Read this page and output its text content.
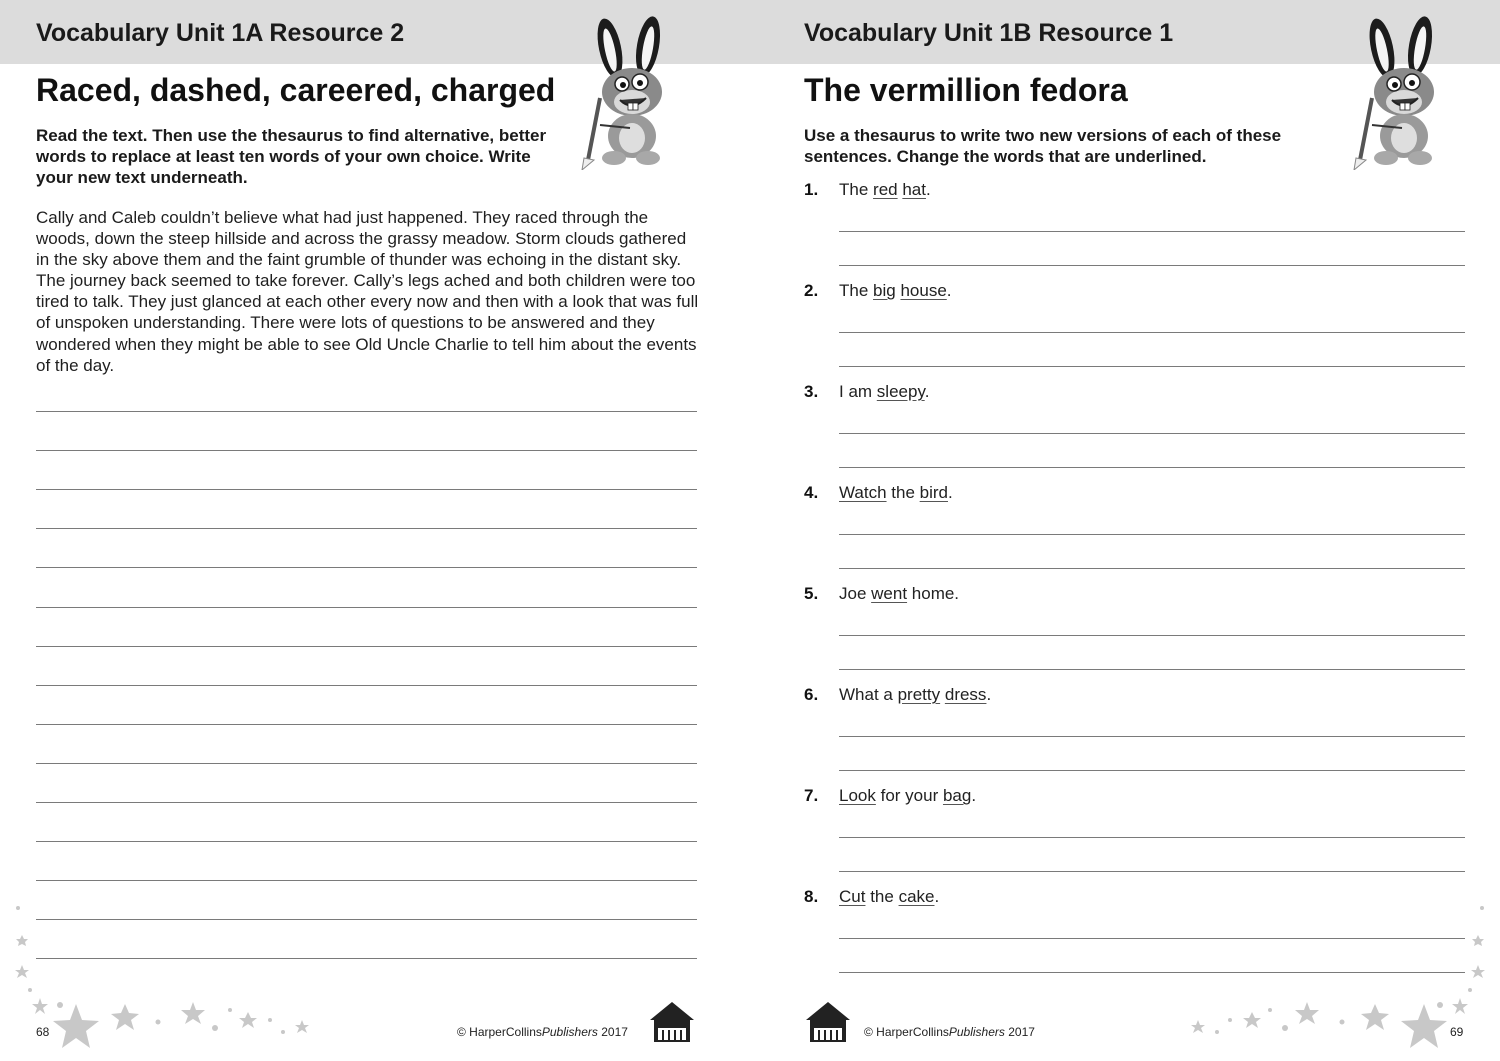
Vocabulary Unit 1A Resource 2
Raced, dashed, careered, charged
Read the text. Then use the thesaurus to find alternative, better words to replace at least ten words of your own choice. Write your new text underneath.
Cally and Caleb couldn’t believe what had just happened. They raced through the woods, down the steep hillside and across the grassy meadow. Storm clouds gathered in the sky above them and the faint grumble of thunder was echoing in the distant sky. The journey back seemed to take forever. Cally’s legs ached and both children were too tired to talk. They just glanced at each other every now and then with a look that was full of unspoken understanding. There were lots of questions to be answered and they wondered when they might be able to see Old Uncle Charlie to tell him about the events of the day.
68	© HarperCollinsPublishers 2017
Vocabulary Unit 1B Resource 1
The vermillion fedora
Use a thesaurus to write two new versions of each of these sentences. Change the words that are underlined.
1. The red hat.
2. The big house.
3. I am sleepy.
4. Watch the bird.
5. Joe went home.
6. What a pretty dress.
7. Look for your bag.
8. Cut the cake.
© HarperCollinsPublishers 2017	69
